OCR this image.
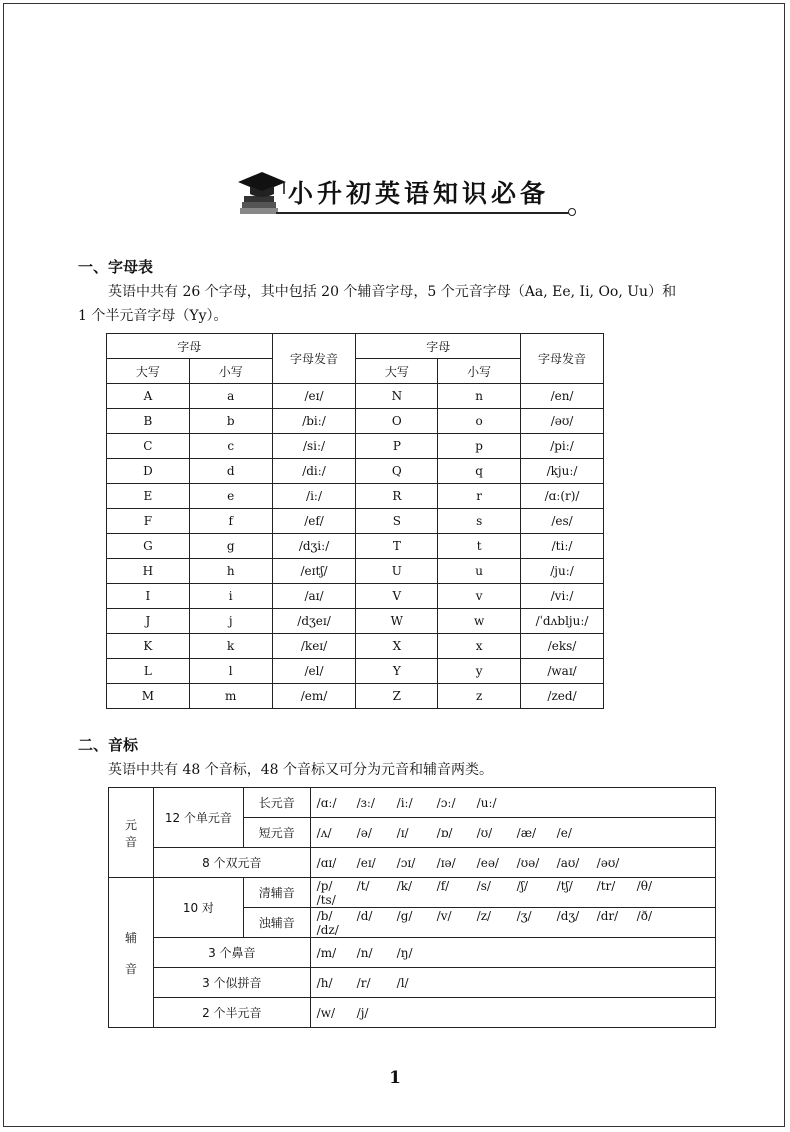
小升初英语知识必备
一、字母表
英语中共有 26 个字母，其中包括 20 个辅音字母，5 个元音字母（Aa, Ee, Ii, Oo, Uu）和
1 个半元音字母（Yy）。
字母		字母发音	字母		字母发音
大写	小写		大写	小写	
A	a	/eɪ/	N	n	/en/
B	b	/biː/	O	o	/əʊ/
C	c	/siː/	P	p	/piː/
D	d	/diː/	Q	q	/kjuː/
E	e	/iː/	R	r	/ɑː(r)/
F	f	/ef/	S	s	/es/
G	g	/dʒiː/	T	t	/tiː/
H	h	/eɪtʃ/	U	u	/juː/
I	i	/aɪ/	V	v	/viː/
J	j	/dʒeɪ/	W	w	/ˈdʌbljuː/
K	k	/keɪ/	X	x	/eks/
L	l	/el/	Y	y	/waɪ/
M	m	/em/	Z	z	/zed/
二、音标
英语中共有 48 个音标，48 个音标又可分为元音和辅音两类。
元
音	12 个单元音	长元音	/ɑː/ /ɜː/ /iː/ /ɔː/ /uː/
		短元音	/ʌ/ /ə/ /ɪ/ /ɒ/ /ʊ/ /æ/ /e/
	8 个双元音		/ɑɪ/ /eɪ/ /ɔɪ/ /ɪə/ /eə/ /ʊə/ /aʊ/ /əʊ/
辅

音	10 对	清辅音	/p/ /t/ /k/ /f/ /s/ /ʃ/ /tʃ/ /tr/ /θ//ts/
		浊辅音	/b/ /d/ /g/ /v/ /z/ /ʒ/ /dʒ/ /dr/ /ð//dz/
	3 个鼻音		/m/ /n/ /ŋ/
	3 个似拼音		/h/ /r/ /l/
	2 个半元音		/w/ /j/
1
